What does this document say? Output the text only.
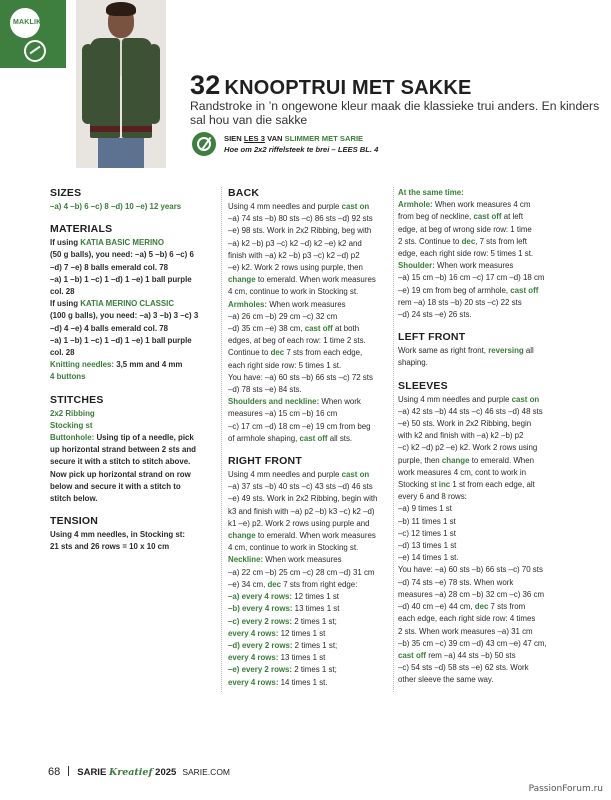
MAKLIK
32 KNOOPTRUI MET SAKKE
Randstroke in ’n ongewone kleur maak die klassieke trui anders. En kinders sal hou van die sakke
SIEN LES 3 VAN SLIMMER MET SARIE
Hoe om 2x2 riffelsteek te brei – LEES BL. 4
SIZES

–a) 4 –b) 6 –c) 8 –d) 10 –e) 12 years

MATERIALS

If using KATIA BASIC MERINO

(50 g balls), you need: –a) 5 –b) 6 –c) 6

–d) 7 –e) 8 balls emerald col. 78

–a) 1 –b) 1 –c) 1 –d) 1 –e) 1 ball purple

col. 28

If using KATIA MERINO CLASSIC

(100 g balls), you need: –a) 3 –b) 3 –c) 3

–d) 4 –e) 4 balls emerald col. 78

–a) 1 –b) 1 –c) 1 –d) 1 –e) 1 ball purple

col. 28

Knitting needles: 3,5 mm and 4 mm

4 buttons

STITCHES

2x2 Ribbing

Stocking st

Buttonhole: Using tip of a needle, pick

up horizontal strand between 2 sts and

secure it with a stitch to stitch above.

Now pick up horizontal strand on row

below and secure it with a stitch to

stitch below.

TENSION

Using 4 mm needles, in Stocking st:

21 sts and 26 rows = 10 x 10 cm

BACK

Using 4 mm needles and purple cast on

–a) 74 sts –b) 80 sts –c) 86 sts –d) 92 sts

–e) 98 sts. Work in 2x2 Ribbing, beg with

–a) k2 –b) p3 –c) k2 –d) k2 –e) k2 and

finish with –a) k2 –b) p3 –c) k2 –d) p2

–e) k2. Work 2 rows using purple, then

change to emerald. When work measures

4 cm, continue to work in Stocking st.

Armholes: When work measures

–a) 26 cm –b) 29 cm –c) 32 cm

–d) 35 cm –e) 38 cm, cast off at both

edges, at beg of each row: 1 time 2 sts.

Continue to dec 7 sts from each edge,

each right side row: 5 times 1 st.

You have: –a) 60 sts –b) 66 sts –c) 72 sts

–d) 78 sts –e) 84 sts.

Shoulders and neckline: When work

measures –a) 15 cm –b) 16 cm

–c) 17 cm –d) 18 cm –e) 19 cm from beg

of armhole shaping, cast off all sts.

RIGHT FRONT

Using 4 mm needles and purple cast on

–a) 37 sts –b) 40 sts –c) 43 sts –d) 46 sts

–e) 49 sts. Work in 2x2 Ribbing, begin with

k3 and finish with –a) p2 –b) k3 –c) k2 –d)

k1 –e) p2. Work 2 rows using purple and

change to emerald. When work measures

4 cm, continue to work in Stocking st.

Neckline: When work measures

–a) 22 cm –b) 25 cm –c) 28 cm –d) 31 cm

–e) 34 cm, dec 7 sts from right edge:

–a) every 4 rows: 12 times 1 st

–b) every 4 rows: 13 times 1 st

–c) every 2 rows: 2 times 1 st;

every 4 rows: 12 times 1 st

–d) every 2 rows: 2 times 1 st;

every 4 rows: 13 times 1 st

–e) every 2 rows: 2 times 1 st;

every 4 rows: 14 times 1 st.

At the same time:

Armhole: When work measures 4 cm

from beg of neckline, cast off at left

edge, at beg of wrong side row: 1 time

2 sts. Continue to dec, 7 sts from left

edge, each right side row: 5 times 1 st.

Shoulder: When work measures

–a) 15 cm –b) 16 cm –c) 17 cm –d) 18 cm

–e) 19 cm from beg of armhole, cast off

rem –a) 18 sts –b) 20 sts –c) 22 sts

–d) 24 sts –e) 26 sts.

LEFT FRONT

Work same as right front, reversing all

shaping.

SLEEVES

Using 4 mm needles and purple cast on

–a) 42 sts –b) 44 sts –c) 46 sts –d) 48 sts

–e) 50 sts. Work in 2x2 Ribbing, begin

with k2 and finish with –a) k2 –b) p2

–c) k2 –d) p2 –e) k2. Work 2 rows using

purple, then change to emerald. When

work measures 4 cm, cont to work in

Stocking st inc 1 st from each edge, alt

every 6 and 8 rows:

–a) 9 times 1 st

–b) 11 times 1 st

–c) 12 times 1 st

–d) 13 times 1 st

–e) 14 times 1 st.

You have: –a) 60 sts –b) 66 sts –c) 70 sts

–d) 74 sts –e) 78 sts. When work

measures –a) 28 cm –b) 32 cm –c) 36 cm

–d) 40 cm –e) 44 cm, dec 7 sts from

each edge, each right side row: 4 times

2 sts. When work measures –a) 31 cm

–b) 35 cm –c) 39 cm –d) 43 cm –e) 47 cm,

cast off rem –a) 44 sts –b) 50 sts

–c) 54 sts –d) 58 sts –e) 62 sts. Work

other sleeve the same way.

68 SARIE Kreatief 2025 SARIE.COM
PassionForum.ru
